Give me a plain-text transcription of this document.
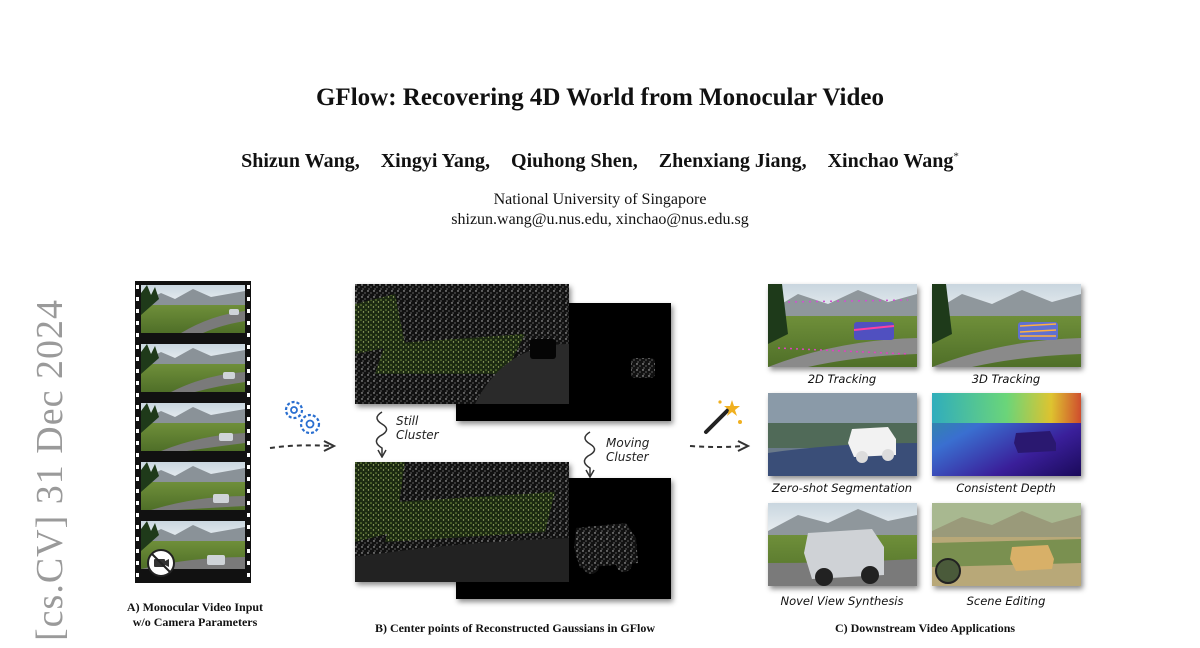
GFlow: Recovering 4D World from Monocular Video
Shizun Wang, Xingyi Yang, Qiuhong Shen, Zhenxiang Jiang, Xinchao Wang*
National University of Singapore
shizun.wang@u.nus.edu, xinchao@nus.edu.sg
[cs.CV] 31 Dec 2024	A) Monocular Video Input
w/o Camera Parameters
Still
Cluster
Moving
Cluster
B) Center points of Reconstructed Gaussians in GFlow
2D Tracking	3D Tracking
Zero-shot Segmentation	Consistent Depth
Novel View Synthesis	Scene Editing
C) Downstream Video Applications
